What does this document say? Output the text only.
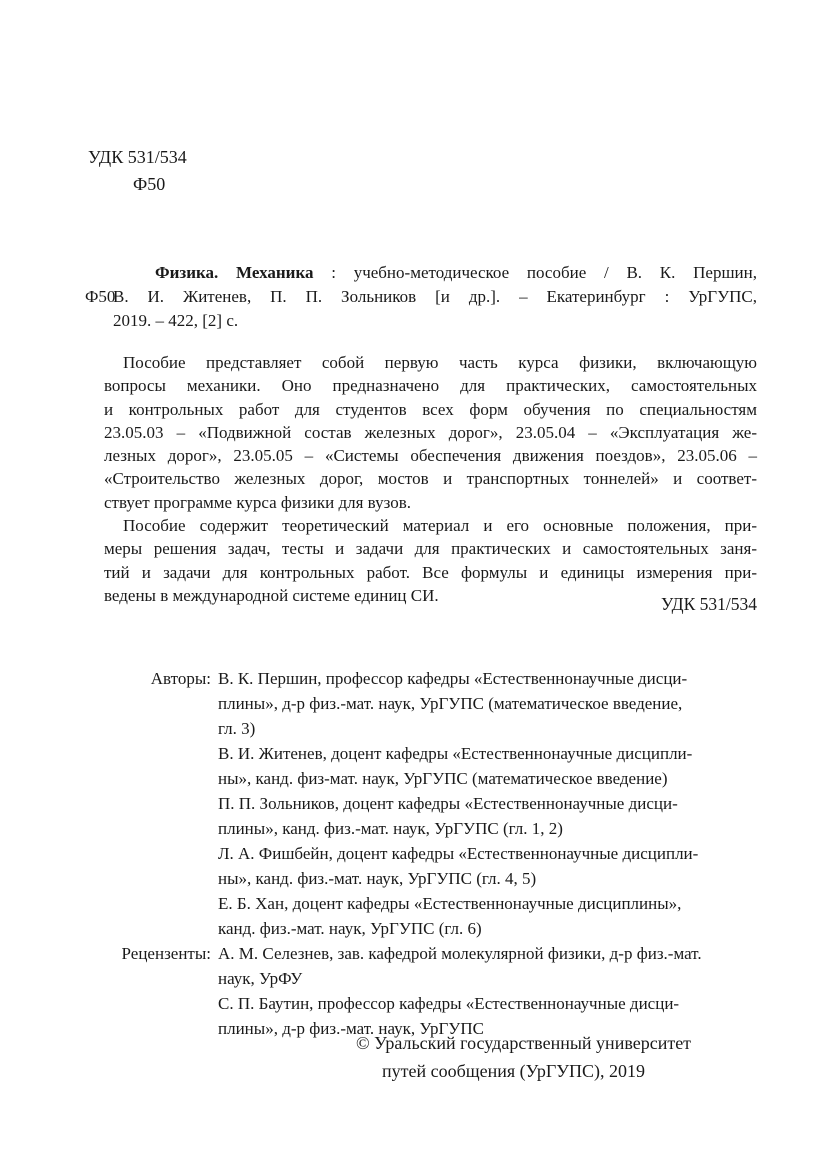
УДК 531/534
Ф50
Ф50
Физика. Механика : учебно-методическое пособие / В. К. Першин,
В. И. Житенев, П. П. Зольников [и др.]. – Екатеринбург : УрГУПС,
2019. – 422, [2] с.
Пособие представляет собой первую часть курса физики, включающую
вопросы механики. Оно предназначено для практических, самостоятельных
и контрольных работ для студентов всех форм обучения по специальностям
23.05.03 – «Подвижной состав железных дорог», 23.05.04 – «Эксплуатация же-
лезных дорог», 23.05.05 – «Системы обеспечения движения поездов», 23.05.06 –
«Строительство железных дорог, мостов и транспортных тоннелей» и соответ-
ствует программе курса физики для вузов.
Пособие содержит теоретический материал и его основные положения, при-
меры решения задач, тесты и задачи для практических и самостоятельных заня-
тий и задачи для контрольных работ. Все формулы и единицы измерения при-
ведены в международной системе единиц СИ.	УДК 531/534
Авторы: В. К. Першин, профессор кафедры «Естественнонаучные дисци-
плины», д-р физ.-мат. наук, УрГУПС (математическое введение,
гл. 3)
В. И. Житенев, доцент кафедры «Естественнонаучные дисципли-
ны», канд. физ-мат. наук, УрГУПС (математическое введение)
П. П. Зольников, доцент кафедры «Естественнонаучные дисци-
плины», канд. физ.-мат. наук, УрГУПС (гл. 1, 2)
Л. А. Фишбейн, доцент кафедры «Естественнонаучные дисципли-
ны», канд. физ.-мат. наук, УрГУПС (гл. 4, 5)
Е. Б. Хан, доцент кафедры «Естественнонаучные дисциплины»,
канд. физ.-мат. наук, УрГУПС (гл. 6)
Рецензенты: А. М. Селезнев, зав. кафедрой молекулярной физики, д-р физ.-мат.
наук, УрФУ
С. П. Баутин, профессор кафедры «Естественнонаучные дисци-
плины», д-р физ.-мат. наук, УрГУПС
© Уральский государственный университет
путей сообщения (УрГУПС), 2019
